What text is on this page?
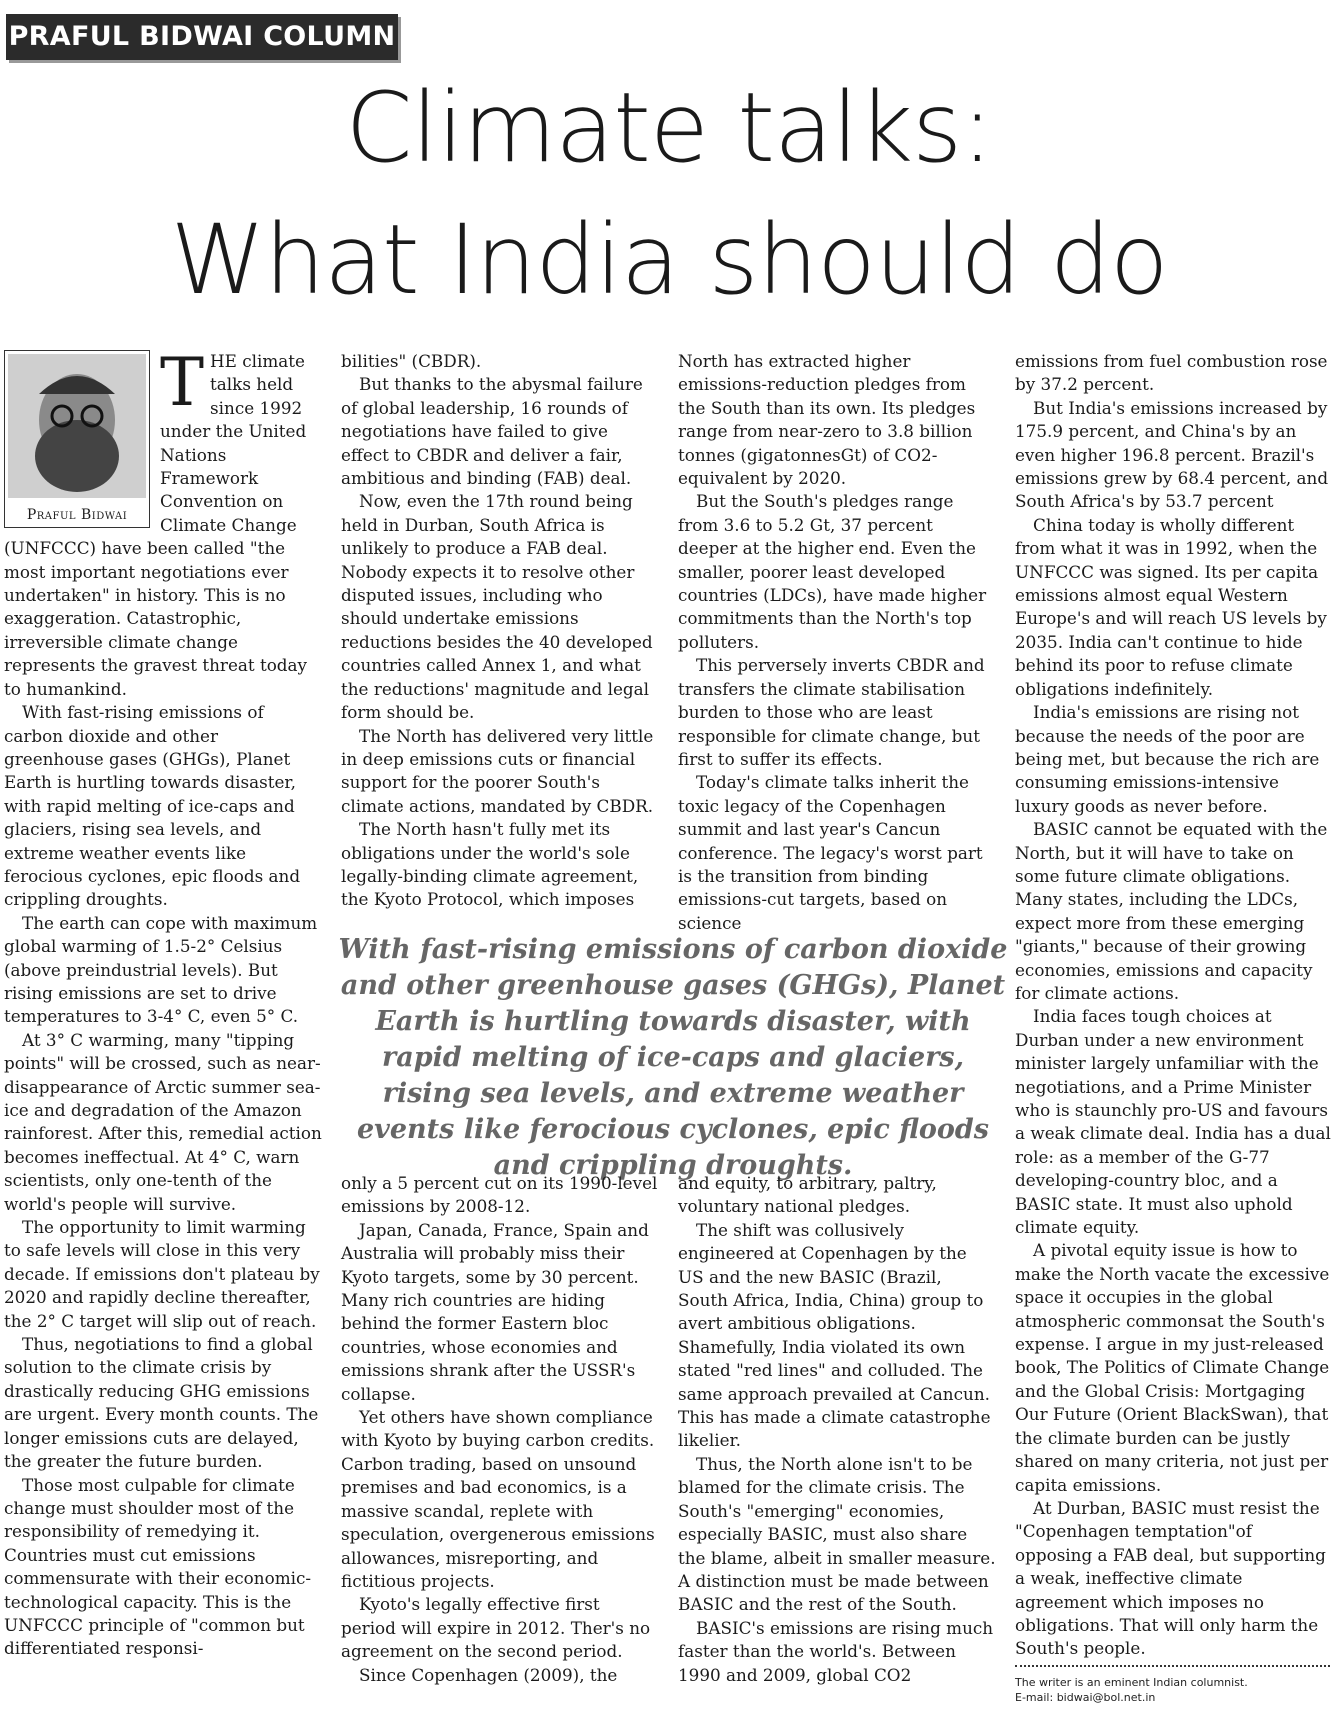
PRAFUL BIDWAI COLUMN
Climate talks:
What India should do
Praful Bidwai
T HE climate talks held since 1992 under the United Nations Framework Convention on Climate Change (UNFCCC) have been called "the most important negotiations ever undertaken" in history. This is no exaggeration. Catastrophic, irreversible climate change represents the gravest threat today to humankind.

With fast-rising emissions of carbon dioxide and other greenhouse gases (GHGs), Planet Earth is hurtling towards disaster, with rapid melting of ice-caps and glaciers, rising sea levels, and extreme weather events like ferocious cyclones, epic floods and crippling droughts.

The earth can cope with maximum global warming of 1.5-2° Celsius (above preindustrial levels). But rising emissions are set to drive temperatures to 3-4° C, even 5° C.

At 3° C warming, many "tipping points" will be crossed, such as near-disappearance of Arctic summer sea-ice and degradation of the Amazon rainforest. After this, remedial action becomes ineffectual. At 4° C, warn scientists, only one-tenth of the world's people will survive.

The opportunity to limit warming to safe levels will close in this very decade. If emissions don't plateau by 2020 and rapidly decline thereafter, the 2° C target will slip out of reach.

Thus, negotiations to find a global solution to the climate crisis by drastically reducing GHG emissions are urgent. Every month counts. The longer emissions cuts are delayed, the greater the future burden.

Those most culpable for climate change must shoulder most of the responsibility of remedying it. Countries must cut emissions commensurate with their economic-technological capacity. This is the UNFCCC principle of "common but differentiated responsi-

bilities" (CBDR).

But thanks to the abysmal failure of global leadership, 16 rounds of negotiations have failed to give effect to CBDR and deliver a fair, ambitious and binding (FAB) deal.

Now, even the 17th round being held in Durban, South Africa is unlikely to produce a FAB deal. Nobody expects it to resolve other disputed issues, including who should undertake emissions reductions besides the 40 developed countries called Annex 1, and what the reductions' magnitude and legal form should be.

The North has delivered very little in deep emissions cuts or financial support for the poorer South's climate actions, mandated by CBDR.

The North hasn't fully met its obligations under the world's sole legally-binding climate agreement, the Kyoto Protocol, which imposes

North has extracted higher emissions-reduction pledges from the South than its own. Its pledges range from near-zero to 3.8 billion tonnes (gigatonnesGt) of CO2-equivalent by 2020.

But the South's pledges range from 3.6 to 5.2 Gt, 37 percent deeper at the higher end. Even the smaller, poorer least developed countries (LDCs), have made higher commitments than the North's top polluters.

This perversely inverts CBDR and transfers the climate stabilisation burden to those who are least responsible for climate change, but first to suffer its effects.

Today's climate talks inherit the toxic legacy of the Copenhagen summit and last year's Cancun conference. The legacy's worst part is the transition from binding emissions-cut targets, based on science

With fast-rising emissions of carbon dioxide and other greenhouse gases (GHGs), Planet Earth is hurtling towards disaster, with rapid melting of ice-caps and glaciers, rising sea levels, and extreme weather events like ferocious cyclones, epic floods and crippling droughts.

only a 5 percent cut on its 1990-level emissions by 2008-12.

Japan, Canada, France, Spain and Australia will probably miss their Kyoto targets, some by 30 percent. Many rich countries are hiding behind the former Eastern bloc countries, whose economies and emissions shrank after the USSR's collapse.

Yet others have shown compliance with Kyoto by buying carbon credits. Carbon trading, based on unsound premises and bad economics, is a massive scandal, replete with speculation, overgenerous emissions allowances, misreporting, and fictitious projects.

Kyoto's legally effective first period will expire in 2012. Ther's no agreement on the second period.

Since Copenhagen (2009), the

and equity, to arbitrary, paltry, voluntary national pledges.

The shift was collusively engineered at Copenhagen by the US and the new BASIC (Brazil, South Africa, India, China) group to avert ambitious obligations. Shamefully, India violated its own stated "red lines" and colluded. The same approach prevailed at Cancun. This has made a climate catastrophe likelier.

Thus, the North alone isn't to be blamed for the climate crisis. The South's "emerging" economies, especially BASIC, must also share the blame, albeit in smaller measure. A distinction must be made between BASIC and the rest of the South.

BASIC's emissions are rising much faster than the world's. Between 1990 and 2009, global CO2

emissions from fuel combustion rose by 37.2 percent.

But India's emissions increased by 175.9 percent, and China's by an even higher 196.8 percent. Brazil's emissions grew by 68.4 percent, and South Africa's by 53.7 percent

China today is wholly different from what it was in 1992, when the UNFCCC was signed. Its per capita emissions almost equal Western Europe's and will reach US levels by 2035. India can't continue to hide behind its poor to refuse climate obligations indefinitely.

India's emissions are rising not because the needs of the poor are being met, but because the rich are consuming emissions-intensive luxury goods as never before.

BASIC cannot be equated with the North, but it will have to take on some future climate obligations. Many states, including the LDCs, expect more from these emerging "giants," because of their growing economies, emissions and capacity for climate actions.

India faces tough choices at Durban under a new environment minister largely unfamiliar with the negotiations, and a Prime Minister who is staunchly pro-US and favours a weak climate deal. India has a dual role: as a member of the G-77 developing-country bloc, and a BASIC state. It must also uphold climate equity.

A pivotal equity issue is how to make the North vacate the excessive space it occupies in the global atmospheric commonsat the South's expense. I argue in my just-released book, The Politics of Climate Change and the Global Crisis: Mortgaging Our Future (Orient BlackSwan), that the climate burden can be justly shared on many criteria, not just per capita emissions.

At Durban, BASIC must resist the "Copenhagen temptation"of opposing a FAB deal, but supporting a weak, ineffective climate agreement which imposes no obligations. That will only harm the South's people.

The writer is an eminent Indian columnist.
E-mail: bidwai@bol.net.in
